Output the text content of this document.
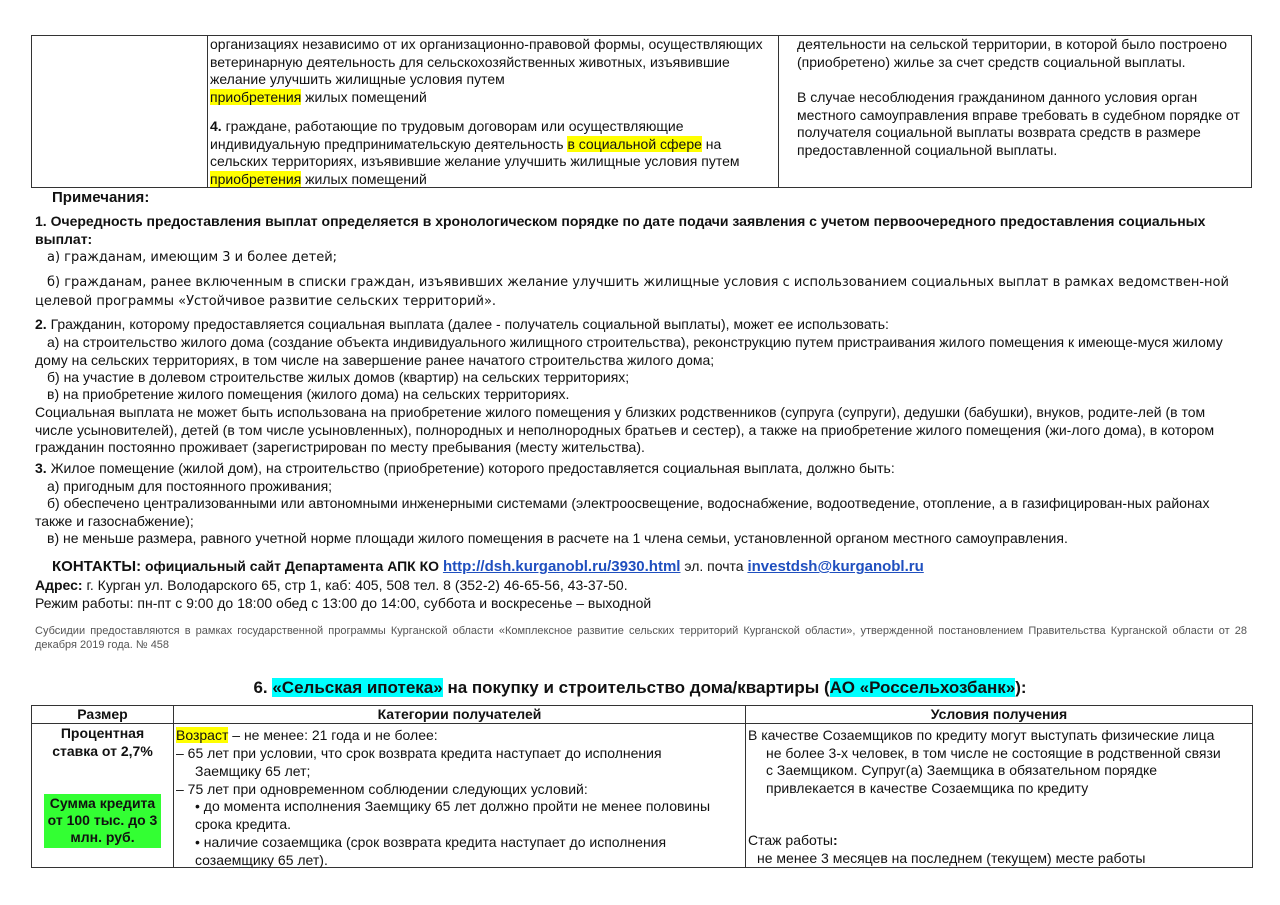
организациях независимо от их организационно-правовой формы, осуществляющих ветеринарную деятельность для сельскохозяйственных животных, изъявившие желание улучшить жилищные условия путем
приобретения жилых помещений

4. граждане, работающие по трудовым договорам или осуществляющие индивидуальную предпринимательскую деятельность в социальной сфере на сельских территориях, изъявившие желание улучшить жилищные условия путем приобретения жилых помещений

деятельности на сельской территории, в которой было построено (приобретено) жилье за счет средств социальной выплаты.

В случае несоблюдения гражданином данного условия орган местного самоуправления вправе требовать в судебном порядке от получателя социальной выплаты возврата средств в размере предоставленной социальной выплаты.

Примечания:

1. Очередность предоставления выплат определяется в хронологическом порядке по дате подачи заявления с учетом первоочередного предоставления социальных выплат:

а) гражданам, имеющим 3 и более детей;

б) гражданам, ранее включенным в списки граждан, изъявивших желание улучшить жилищные условия с использованием социальных выплат в рамках ведомствен-ной целевой программы «Устойчивое развитие сельских территорий».

2. Гражданин, которому предоставляется социальная выплата (далее - получатель социальной выплаты), может ее использовать:

а) на строительство жилого дома (создание объекта индивидуального жилищного строительства), реконструкцию путем пристраивания жилого помещения к имеюще-муся жилому дому на сельских территориях, в том числе на завершение ранее начатого строительства жилого дома;

б) на участие в долевом строительстве жилых домов (квартир) на сельских территориях;

в) на приобретение жилого помещения (жилого дома) на сельских территориях.

Социальная выплата не может быть использована на приобретение жилого помещения у близких родственников (супруга (супруги), дедушки (бабушки), внуков, родите-лей (в том числе усыновителей), детей (в том числе усыновленных), полнородных и неполнородных братьев и сестер), а также на приобретение жилого помещения (жи-лого дома), в котором гражданин постоянно проживает (зарегистрирован по месту пребывания (месту жительства).

3. Жилое помещение (жилой дом), на строительство (приобретение) которого предоставляется социальная выплата, должно быть:

а) пригодным для постоянного проживания;

б) обеспечено централизованными или автономными инженерными системами (электроосвещение, водоснабжение, водоотведение, отопление, а в газифицирован-ных районах также и газоснабжение);

в) не меньше размера, равного учетной норме площади жилого помещения в расчете на 1 члена семьи, установленной органом местного самоуправления.

КОНТАКТЫ: официальный сайт Департамента АПК КО http://dsh.kurganobl.ru/3930.html эл. почта investdsh@kurganobl.ru

Адрес: г. Курган ул. Володарского 65, стр 1, каб: 405, 508 тел. 8 (352-2) 46-65-56, 43-37-50.

Режим работы: пн-пт с 9:00 до 18:00 обед с 13:00 до 14:00, суббота и воскресенье – выходной

Субсидии предоставляются в рамках государственной программы Курганской области «Комплексное развитие сельских территорий Курганской области», утвержденной постановлением Правительства Курганской области от 28 декабря 2019 года. № 458

6. «Сельская ипотека» на покупку и строительство дома/квартиры (АО «Россельхозбанк»):

Размер	Категории получателей	Условия получения

Процентная ставка от 2,7%

Сумма кредита от 100 тыс. до 3 млн. руб.

Возраст – не менее: 21 года и не более:

– 65 лет при условии, что срок возврата кредита наступает до исполнения Заемщику 65 лет;

– 75 лет при одновременном соблюдении следующих условий:

• до момента исполнения Заемщику 65 лет должно пройти не менее половины срока кредита.

• наличие созаемщика (срок возврата кредита наступает до исполнения созаемщику 65 лет).

В качестве Созаемщиков по кредиту могут выступать физические лица не более 3-х человек, в том числе не состоящие в родственной связи с Заемщиком. Супруг(а) Заемщика в обязательном порядке привлекается в качестве Созаемщика по кредиту

Стаж работы:

не менее 3 месяцев на последнем (текущем) месте работы
